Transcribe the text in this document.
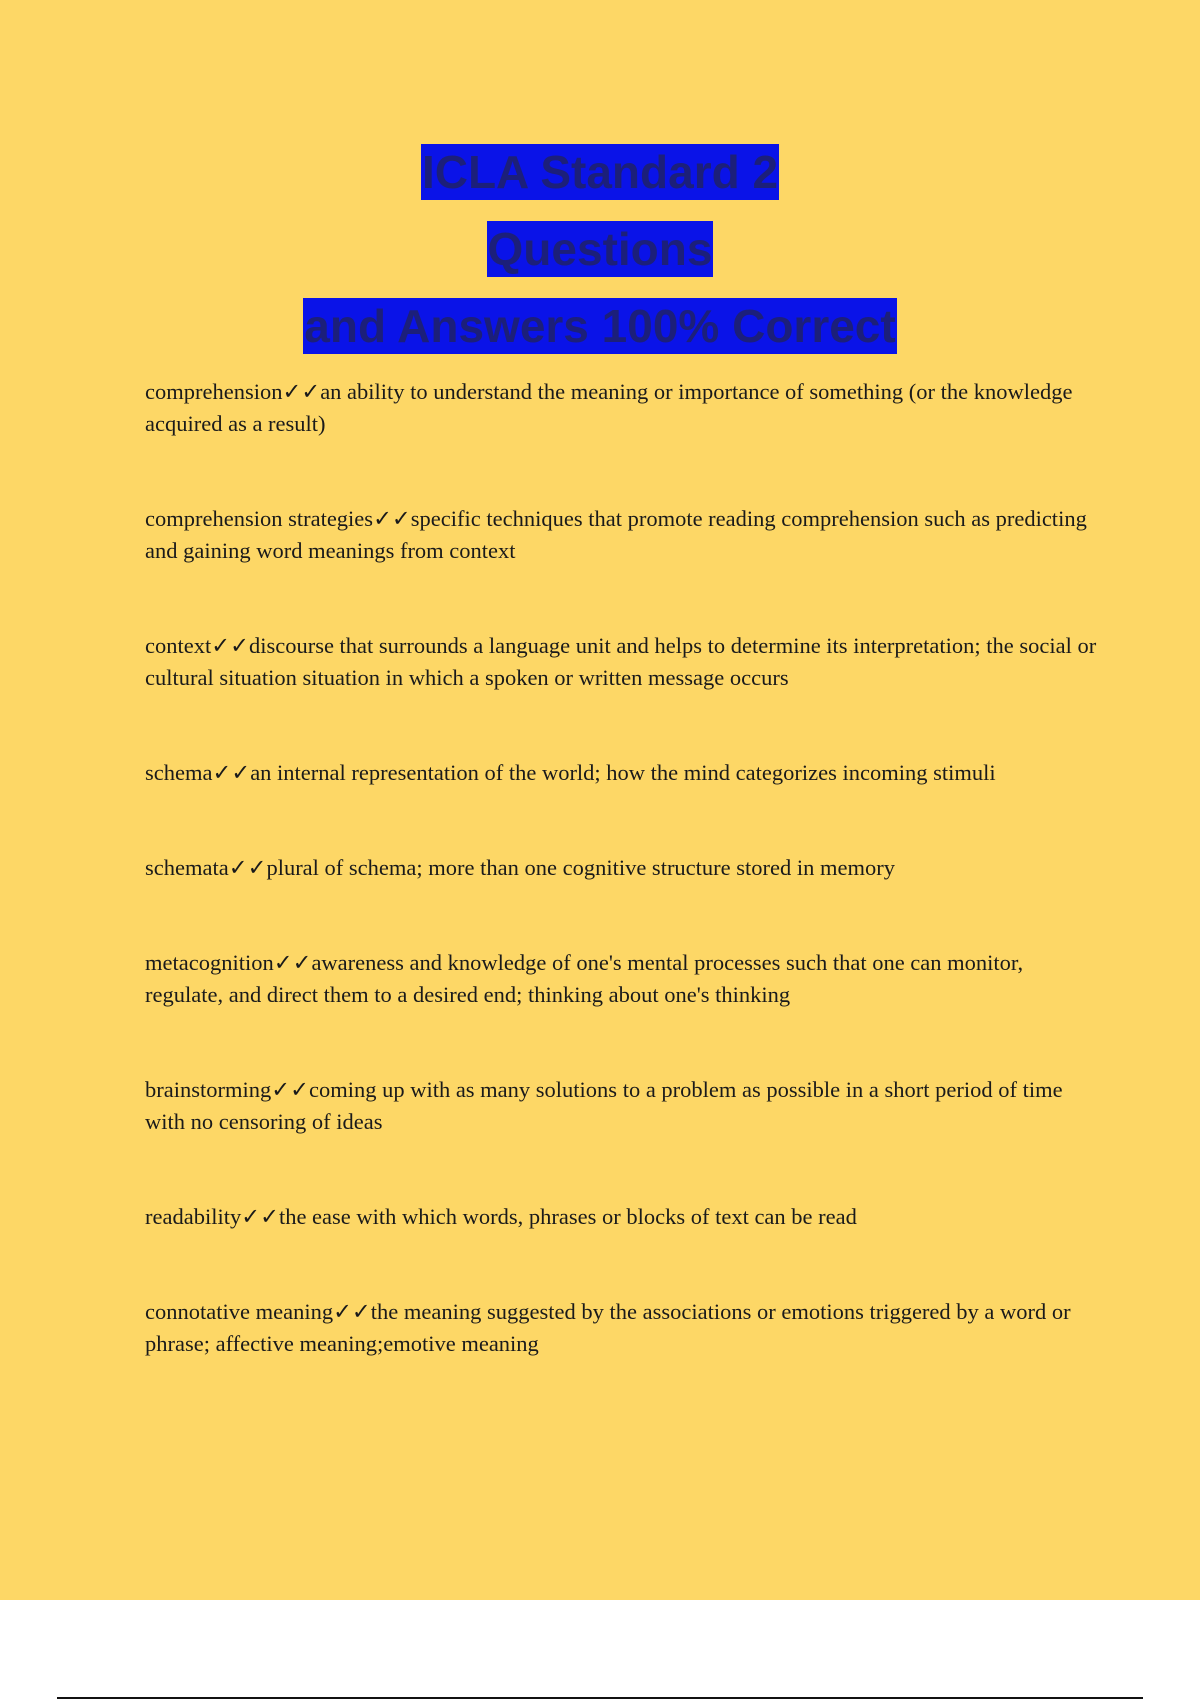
ICLA Standard 2
Questions
and Answers 100% Correct
comprehension✓✓an ability to understand the meaning or importance of something (or the knowledge acquired as a result)
comprehension strategies✓✓specific techniques that promote reading comprehension such as predicting and gaining word meanings from context
context✓✓discourse that surrounds a language unit and helps to determine its interpretation; the social or cultural situation situation in which a spoken or written message occurs
schema✓✓an internal representation of the world; how the mind categorizes incoming stimuli
schemata✓✓plural of schema; more than one cognitive structure stored in memory
metacognition✓✓awareness and knowledge of one's mental processes such that one can monitor, regulate, and direct them to a desired end; thinking about one's thinking
brainstorming✓✓coming up with as many solutions to a problem as possible in a short period of time with no censoring of ideas
readability✓✓the ease with which words, phrases or blocks of text can be read
connotative meaning✓✓the meaning suggested by the associations or emotions triggered by a word or phrase; affective meaning;emotive meaning
